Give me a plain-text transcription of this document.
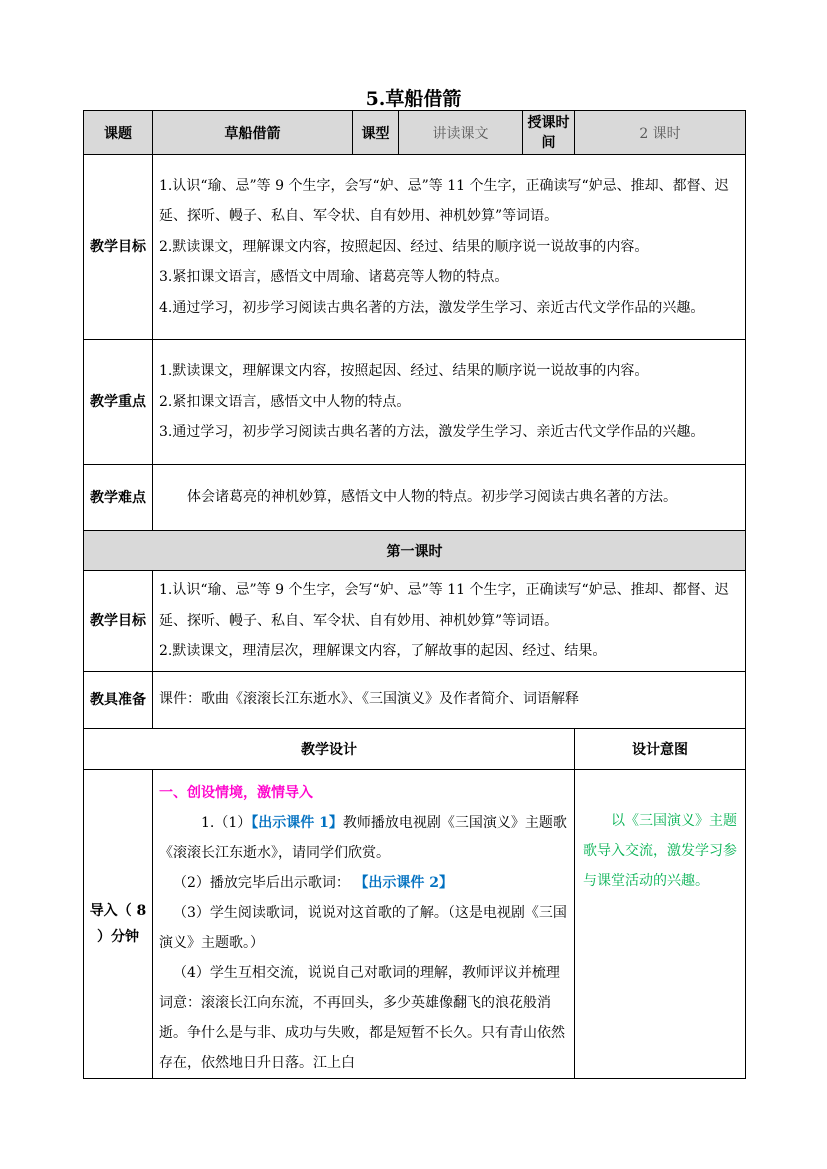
5.草船借箭
课题	草船借箭	课型	讲读课文	授课时间	2 课时
教学目标	1.认识“瑜、忌”等 9 个生字，会写“妒、忌”等 11 个生字，正确读写“妒忌、推却、都督、迟延、探听、幔子、私自、军令状、自有妙用、神机妙算”等词语。

2.默读课文，理解课文内容，按照起因、经过、结果的顺序说一说故事的内容。

3.紧扣课文语言，感悟文中周瑜、诸葛亮等人物的特点。

4.通过学习，初步学习阅读古典名著的方法，激发学生学习、亲近古代文学作品的兴趣。				

教学重点	1.默读课文，理解课文内容，按照起因、经过、结果的顺序说一说故事的内容。

2.紧扣课文语言，感悟文中人物的特点。

3.通过学习，初步学习阅读古典名著的方法，激发学生学习、亲近古代文学作品的兴趣。				

教学难点	体会诸葛亮的神机妙算，感悟文中人物的特点。初步学习阅读古典名著的方法。				

第一课时					
教学目标	1.认识“瑜、忌”等 9 个生字，会写“妒、忌”等 11 个生字，正确读写“妒忌、推却、都督、迟延、探听、幔子、私自、军令状、自有妙用、神机妙算”等词语。

2.默读课文，理清层次，理解课文内容，了解故事的起因、经过、结果。				

教具准备	课件：歌曲《滚滚长江东逝水》、《三国演义》及作者简介、词语解释				
教学设计					设计意图
导入（ 8 ）分钟	一、创设情境，激情导入
1.（1）【出示课件 1】教师播放电视剧《三国演义》主题歌《滚滚长江东逝水》，请同学们欣赏。
（2）播放完毕后出示歌词： 【出示课件 2】
（3）学生阅读歌词，说说对这首歌的了解。（这是电视剧《三国演义》主题歌。）
（4）学生互相交流，说说自己对歌词的理解，教师评议并梳理词意：滚滚长江向东流，不再回头，多少英雄像翻飞的浪花般消逝。争什么是与非、成功与失败，都是短暂不长久。只有青山依然存在，依然地日升日落。江上白				以《三国演义》主题歌导入交流，激发学习参与课堂活动的兴趣。
